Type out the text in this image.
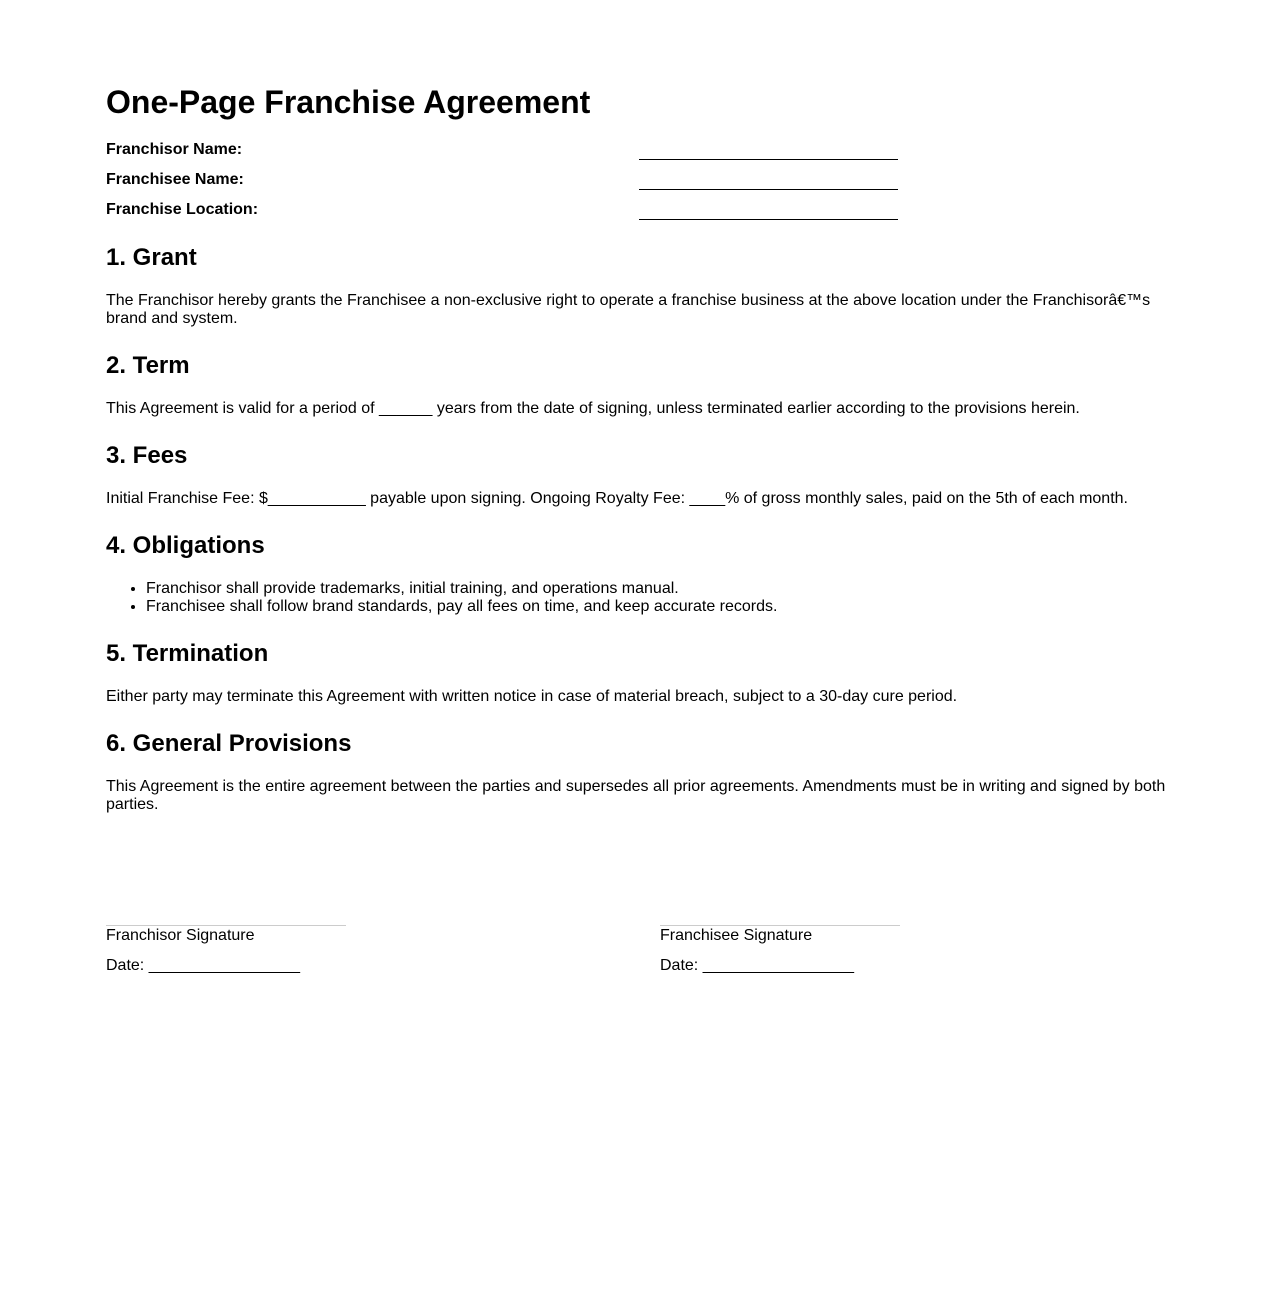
One-Page Franchise Agreement
Franchisor Name:
Franchisee Name:
Franchise Location:
1. Grant

The Franchisor hereby grants the Franchisee a non-exclusive right to operate a franchise business at the above location under the Franchisorâ€™s brand and system.

2. Term

This Agreement is valid for a period of ______ years from the date of signing, unless terminated earlier according to the provisions herein.

3. Fees

Initial Franchise Fee: $___________ payable upon signing. Ongoing Royalty Fee: ____% of gross monthly sales, paid on the 5th of each month.

4. Obligations
• Franchisor shall provide trademarks, initial training, and operations manual.
• Franchisee shall follow brand standards, pay all fees on time, and keep accurate records.
5. Termination

Either party may terminate this Agreement with written notice in case of material breach, subject to a 30-day cure period.

6. General Provisions

This Agreement is the entire agreement between the parties and supersedes all prior agreements. Amendments must be in writing and signed by both parties.

Franchisor Signature
Date: _________________
Franchisee Signature
Date: _________________
